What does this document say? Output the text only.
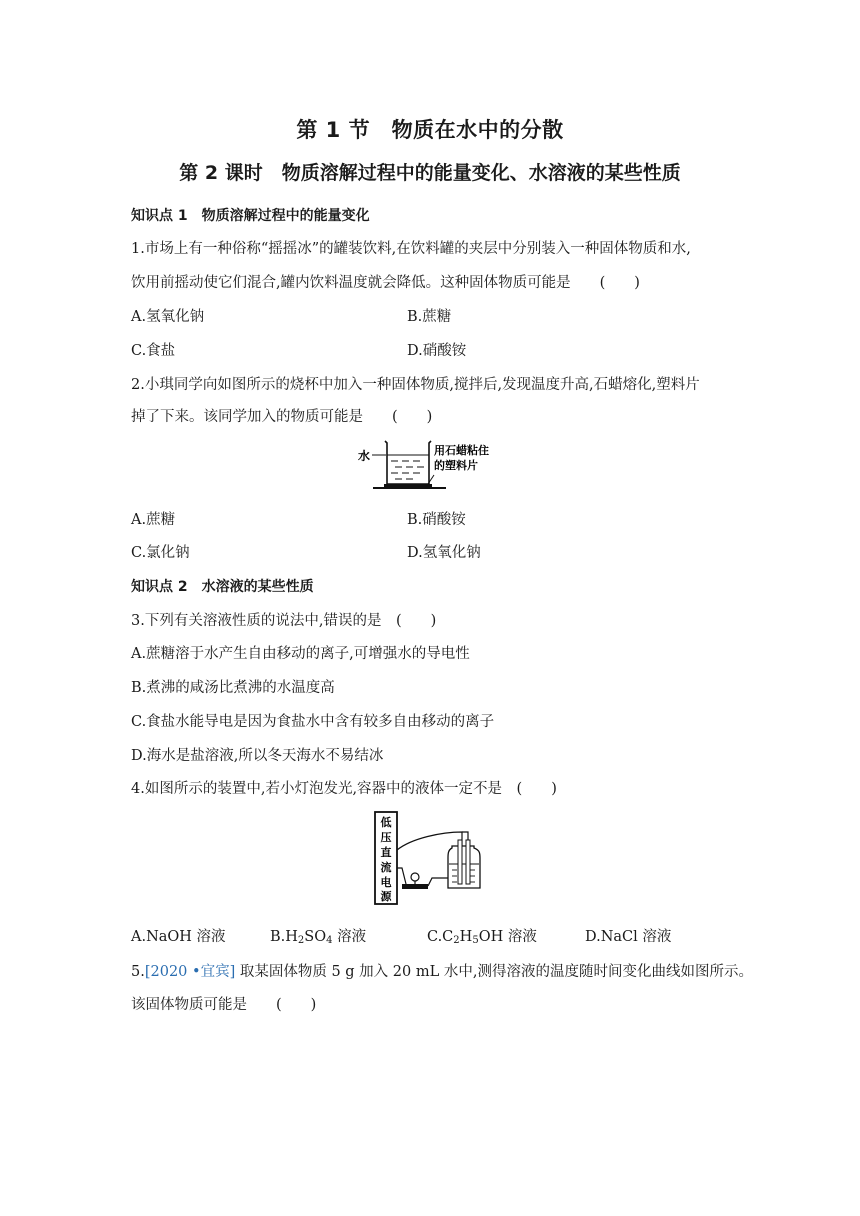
第 1 节　物质在水中的分散
第 2 课时　物质溶解过程中的能量变化、水溶液的某些性质
知识点 1　物质溶解过程中的能量变化
1.市场上有一种俗称“摇摇冰”的罐装饮料,在饮料罐的夹层中分别装入一种固体物质和水,
饮用前摇动使它们混合,罐内饮料温度就会降低。这种固体物质可能是　　(　　)
A.氢氧化钠	B.蔗糖
C.食盐	D.硝酸铵
2.小琪同学向如图所示的烧杯中加入一种固体物质,搅拌后,发现温度升高,石蜡熔化,塑料片
掉了下来。该同学加入的物质可能是　　(　　)
水	用石蜡粘住
的塑料片
A.蔗糖	B.硝酸铵
C.氯化钠	D.氢氧化钠
知识点 2　水溶液的某些性质
3.下列有关溶液性质的说法中,错误的是　(　　)
A.蔗糖溶于水产生自由移动的离子,可增强水的导电性
B.煮沸的咸汤比煮沸的水温度高
C.食盐水能导电是因为食盐水中含有较多自由移动的离子
D.海水是盐溶液,所以冬天海水不易结冰
4.如图所示的装置中,若小灯泡发光,容器中的液体一定不是　(　　)
低
压
直
流
电
源
A.NaOH 溶液	$B.H_2SO_4$ 溶液	$C.C_2H_5OH$ 溶液	D.NaCl 溶液
5.[2020 •宜宾] 取某固体物质 5 g 加入 20 mL 水中,测得溶液的温度随时间变化曲线如图所示。
该固体物质可能是　　(　　)
